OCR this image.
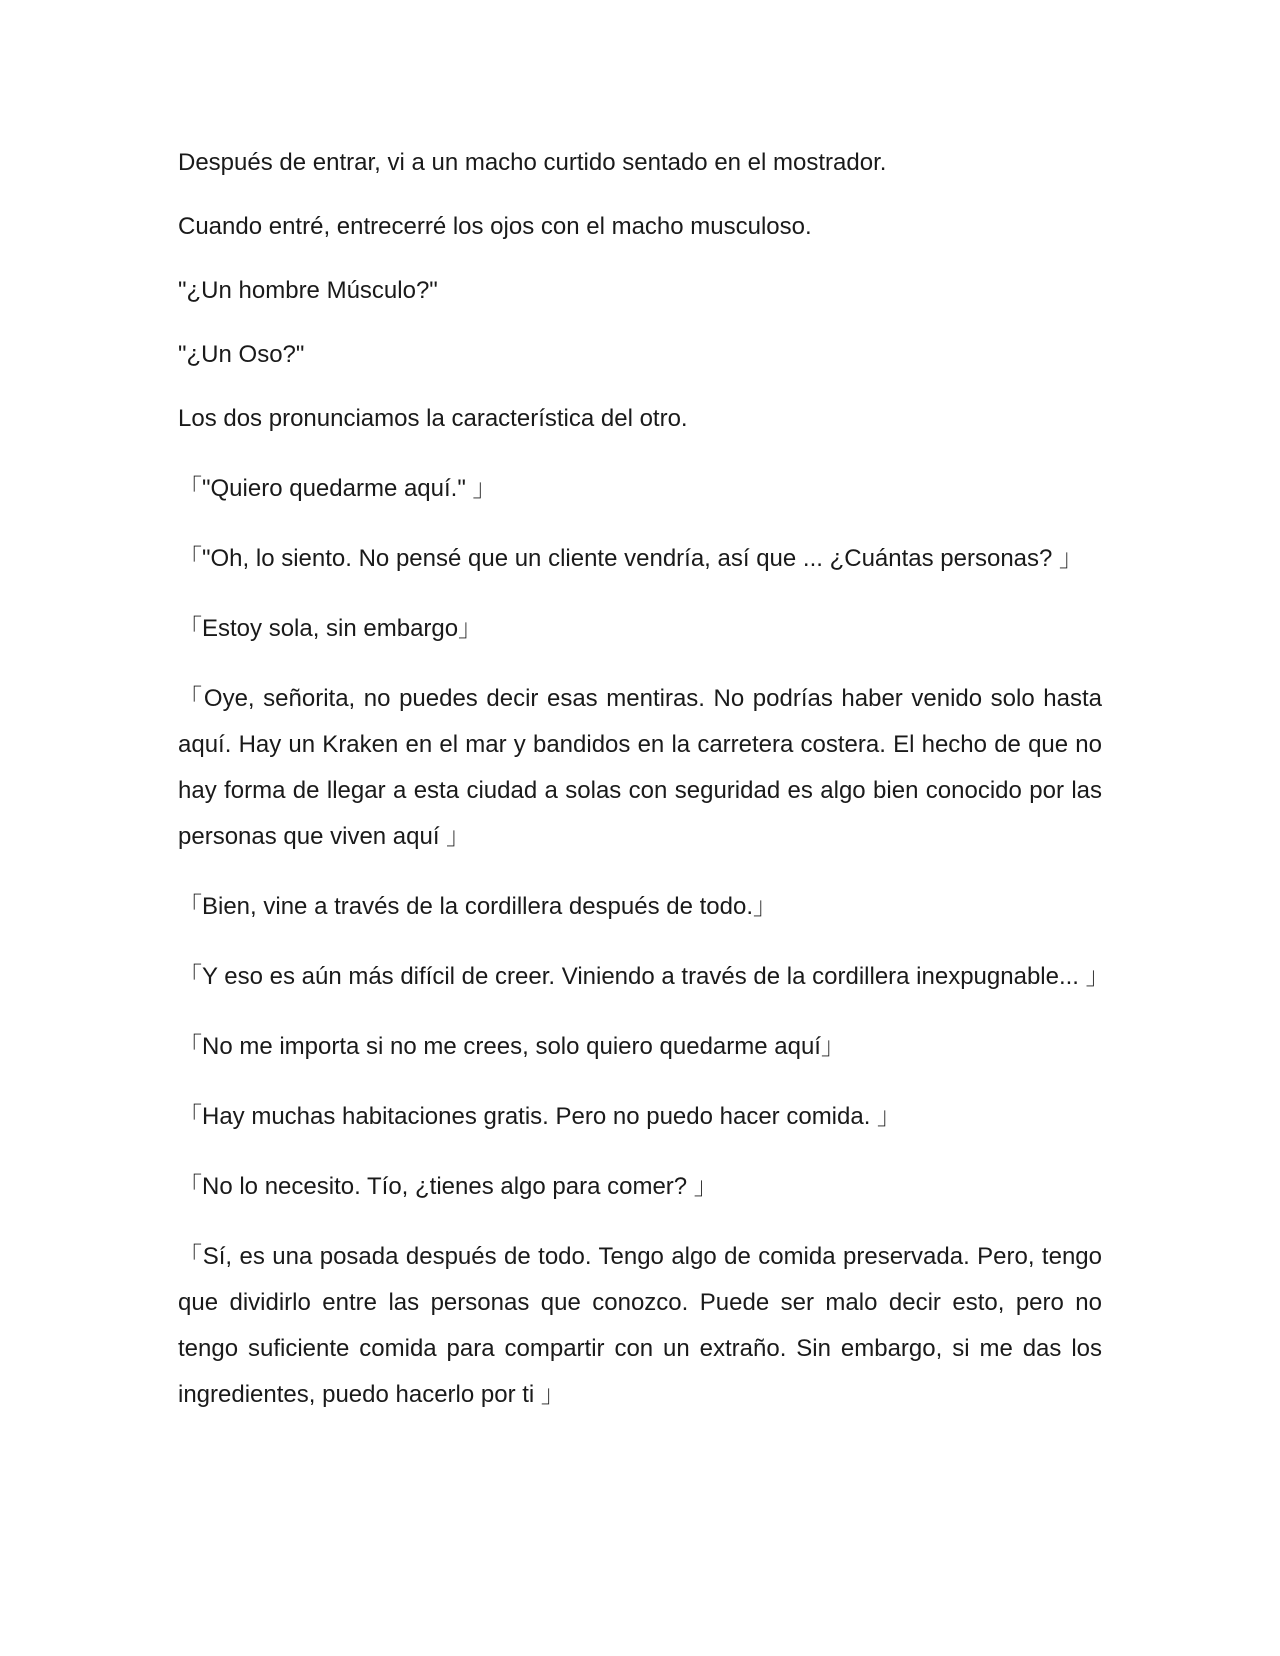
Después de entrar, vi a un macho curtido sentado en el mostrador.

Cuando entré, entrecerré los ojos con el macho musculoso.

"¿Un hombre Músculo?"

"¿Un Oso?"

Los dos pronunciamos la característica del otro.

「"Quiero quedarme aquí." 」

「"Oh, lo siento. No pensé que un cliente vendría, así que ... ¿Cuántas personas? 」

「Estoy sola, sin embargo」

「Oye, señorita, no puedes decir esas mentiras. No podrías haber venido solo hasta aquí. Hay un Kraken en el mar y bandidos en la carretera costera. El hecho de que no hay forma de llegar a esta ciudad a solas con seguridad es algo bien conocido por las personas que viven aquí 」

「Bien, vine a través de la cordillera después de todo.」

「Y eso es aún más difícil de creer. Viniendo a través de la cordillera inexpugnable... 」

「No me importa si no me crees, solo quiero quedarme aquí」

「Hay muchas habitaciones gratis. Pero no puedo hacer comida. 」

「No lo necesito. Tío, ¿tienes algo para comer? 」

「Sí, es una posada después de todo. Tengo algo de comida preservada. Pero, tengo que dividirlo entre las personas que conozco. Puede ser malo decir esto, pero no tengo suficiente comida para compartir con un extraño. Sin embargo, si me das los ingredientes, puedo hacerlo por ti 」
